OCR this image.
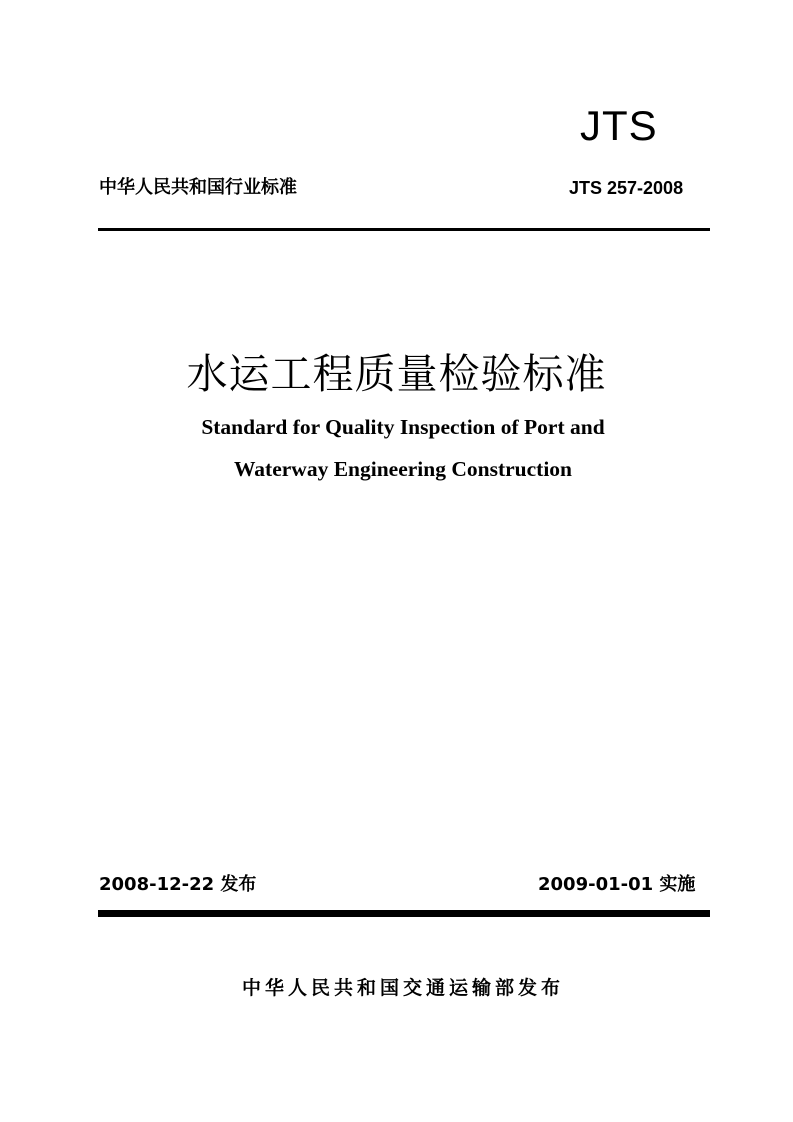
JTS
中华人民共和国行业标准	JTS 257-2008
水运工程质量检验标准
Standard for Quality Inspection of Port and
Waterway Engineering Construction
2008-12-22 发布	2009-01-01 实施
中华人民共和国交通运输部发布
